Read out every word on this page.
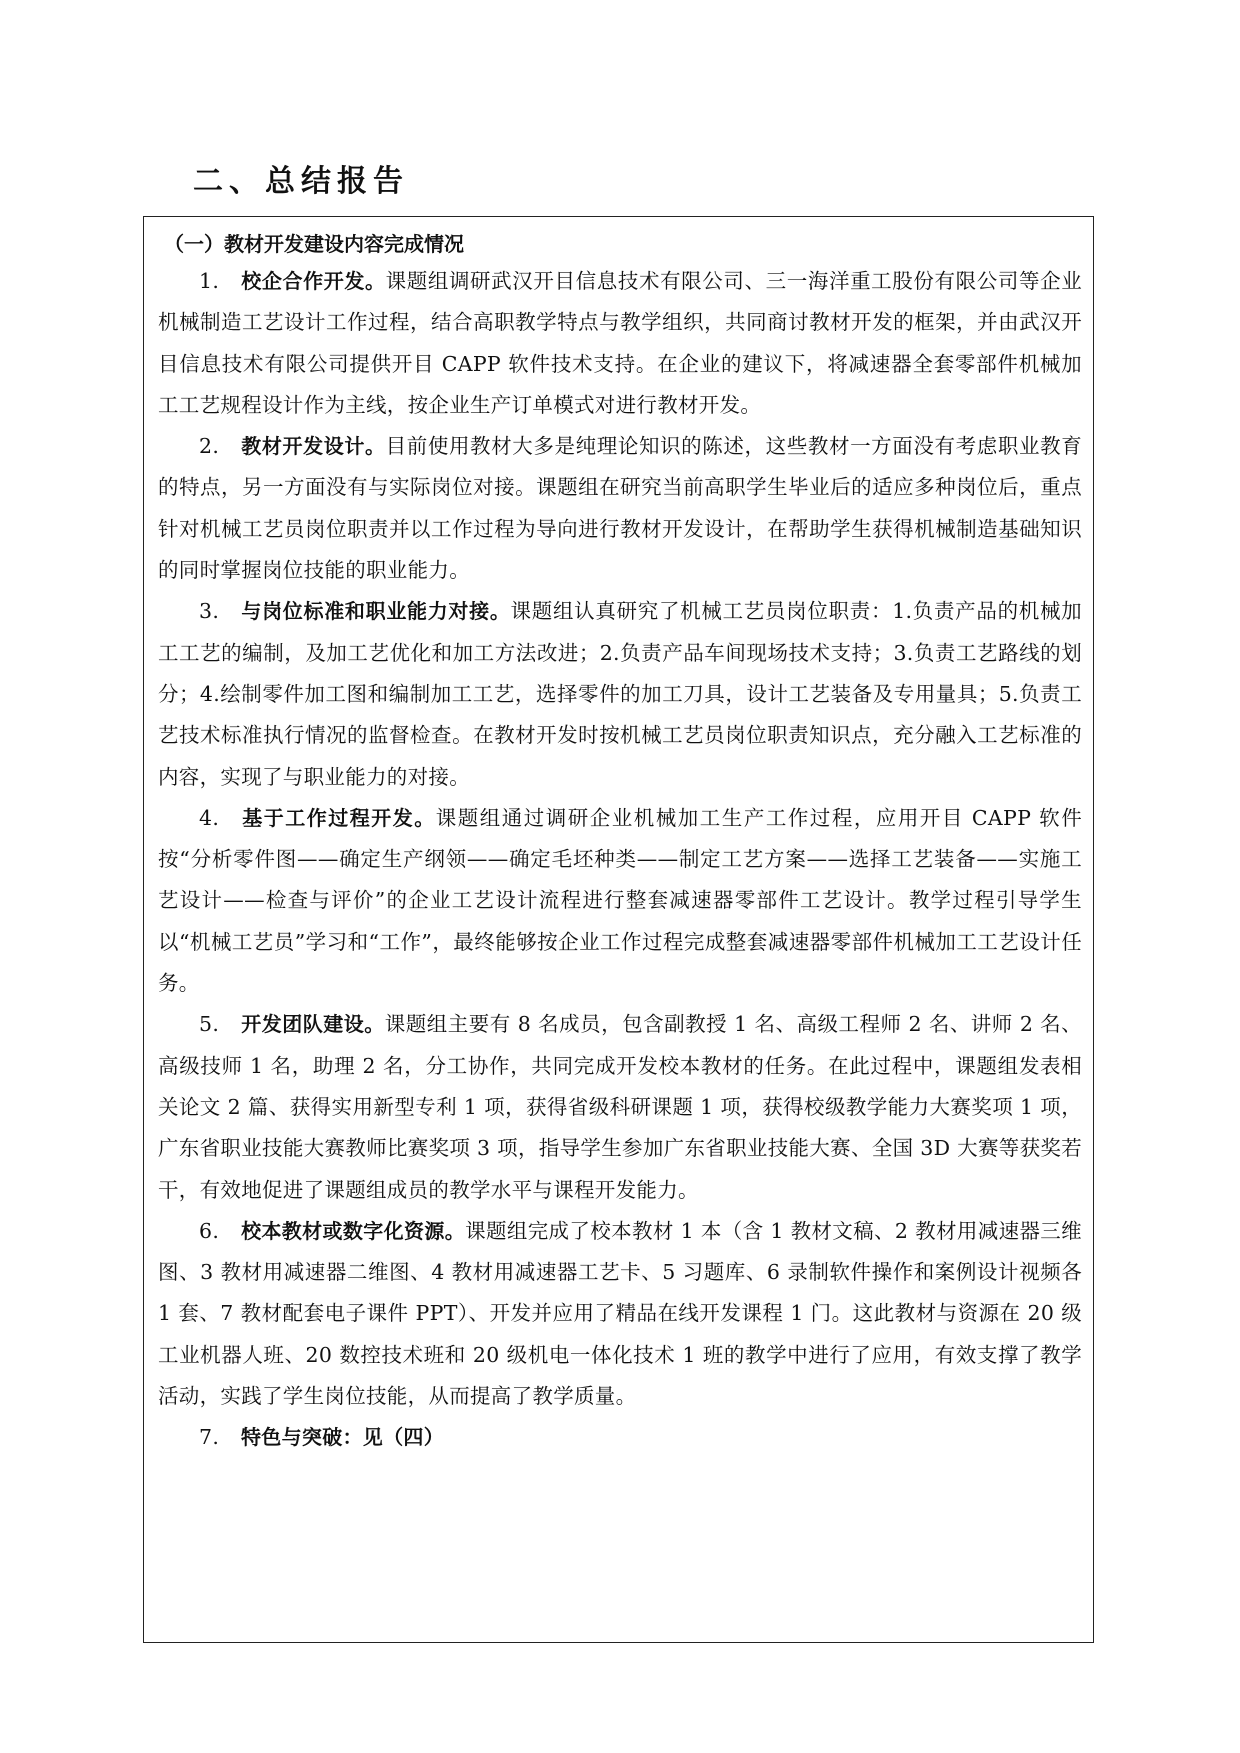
二、总结报告
（一）教材开发建设内容完成情况

1. 校企合作开发。课题组调研武汉开目信息技术有限公司、三一海洋重工股份有限公司等企业机械制造工艺设计工作过程，结合高职教学特点与教学组织，共同商讨教材开发的框架，并由武汉开目信息技术有限公司提供开目 CAPP 软件技术支持。在企业的建议下，将减速器全套零部件机械加工工艺规程设计作为主线，按企业生产订单模式对进行教材开发。

2. 教材开发设计。目前使用教材大多是纯理论知识的陈述，这些教材一方面没有考虑职业教育的特点，另一方面没有与实际岗位对接。课题组在研究当前高职学生毕业后的适应多种岗位后，重点针对机械工艺员岗位职责并以工作过程为导向进行教材开发设计，在帮助学生获得机械制造基础知识的同时掌握岗位技能的职业能力。

3. 与岗位标准和职业能力对接。课题组认真研究了机械工艺员岗位职责：1.负责产品的机械加工工艺的编制，及加工艺优化和加工方法改进；2.负责产品车间现场技术支持；3.负责工艺路线的划分；4.绘制零件加工图和编制加工工艺，选择零件的加工刀具，设计工艺装备及专用量具；5.负责工艺技术标准执行情况的监督检查。在教材开发时按机械工艺员岗位职责知识点，充分融入工艺标准的内容，实现了与职业能力的对接。

4. 基于工作过程开发。课题组通过调研企业机械加工生产工作过程，应用开目 CAPP 软件按“分析零件图——确定生产纲领——确定毛坯种类——制定工艺方案——选择工艺装备——实施工艺设计——检查与评价”的企业工艺设计流程进行整套减速器零部件工艺设计。教学过程引导学生以“机械工艺员”学习和“工作”，最终能够按企业工作过程完成整套减速器零部件机械加工工艺设计任务。

5. 开发团队建设。课题组主要有 8 名成员，包含副教授 1 名、高级工程师 2 名、讲师 2 名、高级技师 1 名，助理 2 名，分工协作，共同完成开发校本教材的任务。在此过程中，课题组发表相关论文 2 篇、获得实用新型专利 1 项，获得省级科研课题 1 项，获得校级教学能力大赛奖项 1 项，广东省职业技能大赛教师比赛奖项 3 项，指导学生参加广东省职业技能大赛、全国 3D 大赛等获奖若干，有效地促进了课题组成员的教学水平与课程开发能力。

6. 校本教材或数字化资源。课题组完成了校本教材 1 本（含 1 教材文稿、2 教材用减速器三维图、3 教材用减速器二维图、4 教材用减速器工艺卡、5 习题库、6 录制软件操作和案例设计视频各 1 套、7 教材配套电子课件 PPT）、开发并应用了精品在线开发课程 1 门。这此教材与资源在 20 级工业机器人班、20 数控技术班和 20 级机电一体化技术 1 班的教学中进行了应用，有效支撑了教学活动，实践了学生岗位技能，从而提高了教学质量。

7. 特色与突破：见（四）
